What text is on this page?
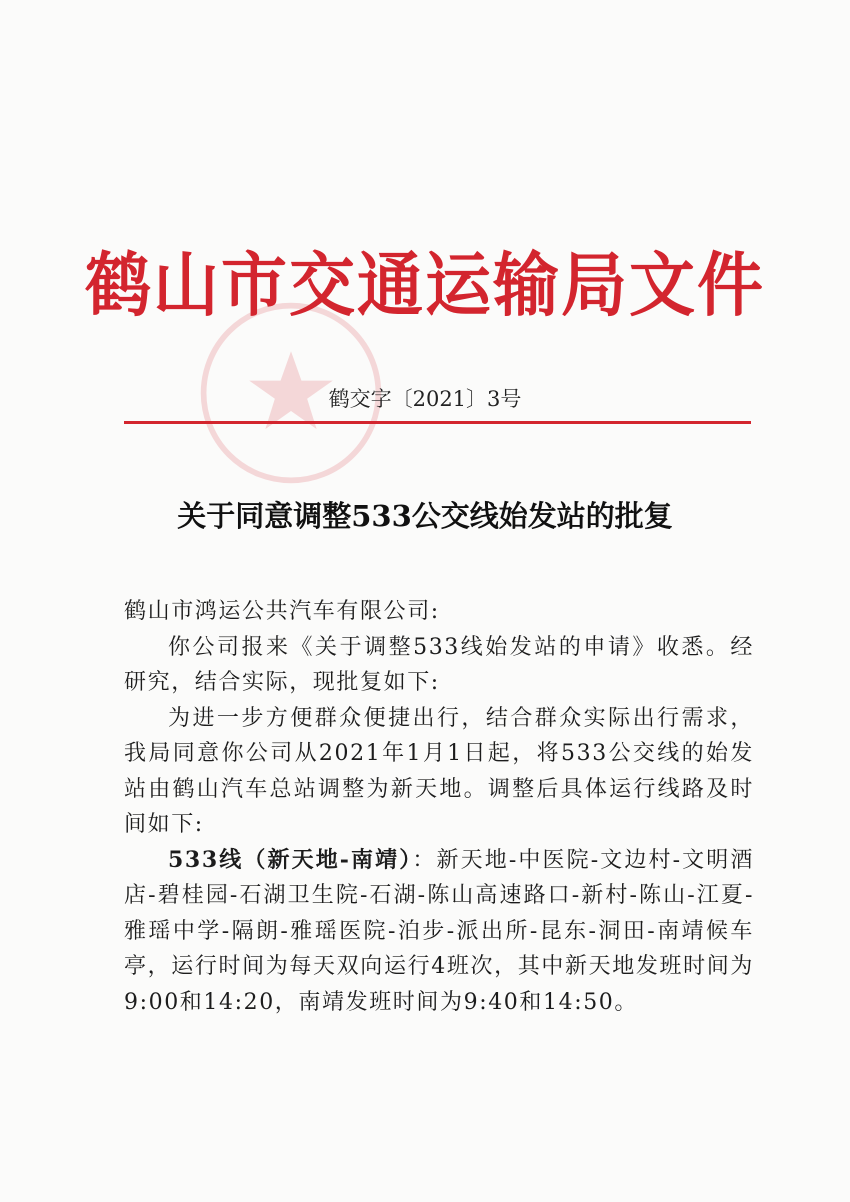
鹤山市交通运输局文件
鹤交字〔2021〕3号
关于同意调整533公交线始发站的批复

鹤山市鸿运公共汽车有限公司:

你公司报来《关于调整533线始发站的申请》收悉。经研究，结合实际，现批复如下:

为进一步方便群众便捷出行，结合群众实际出行需求，我局同意你公司从2021年1月1日起，将533公交线的始发站由鹤山汽车总站调整为新天地。调整后具体运行线路及时间如下:

533线（新天地-南靖）：新天地-中医院-文边村-文明酒店-碧桂园-石湖卫生院-石湖-陈山高速路口-新村-陈山-江夏-雅瑶中学-隔朗-雅瑶医院-泊步-派出所-昆东-洞田-南靖候车亭，运行时间为每天双向运行4班次，其中新天地发班时间为9:00和14:20，南靖发班时间为9:40和14:50。
